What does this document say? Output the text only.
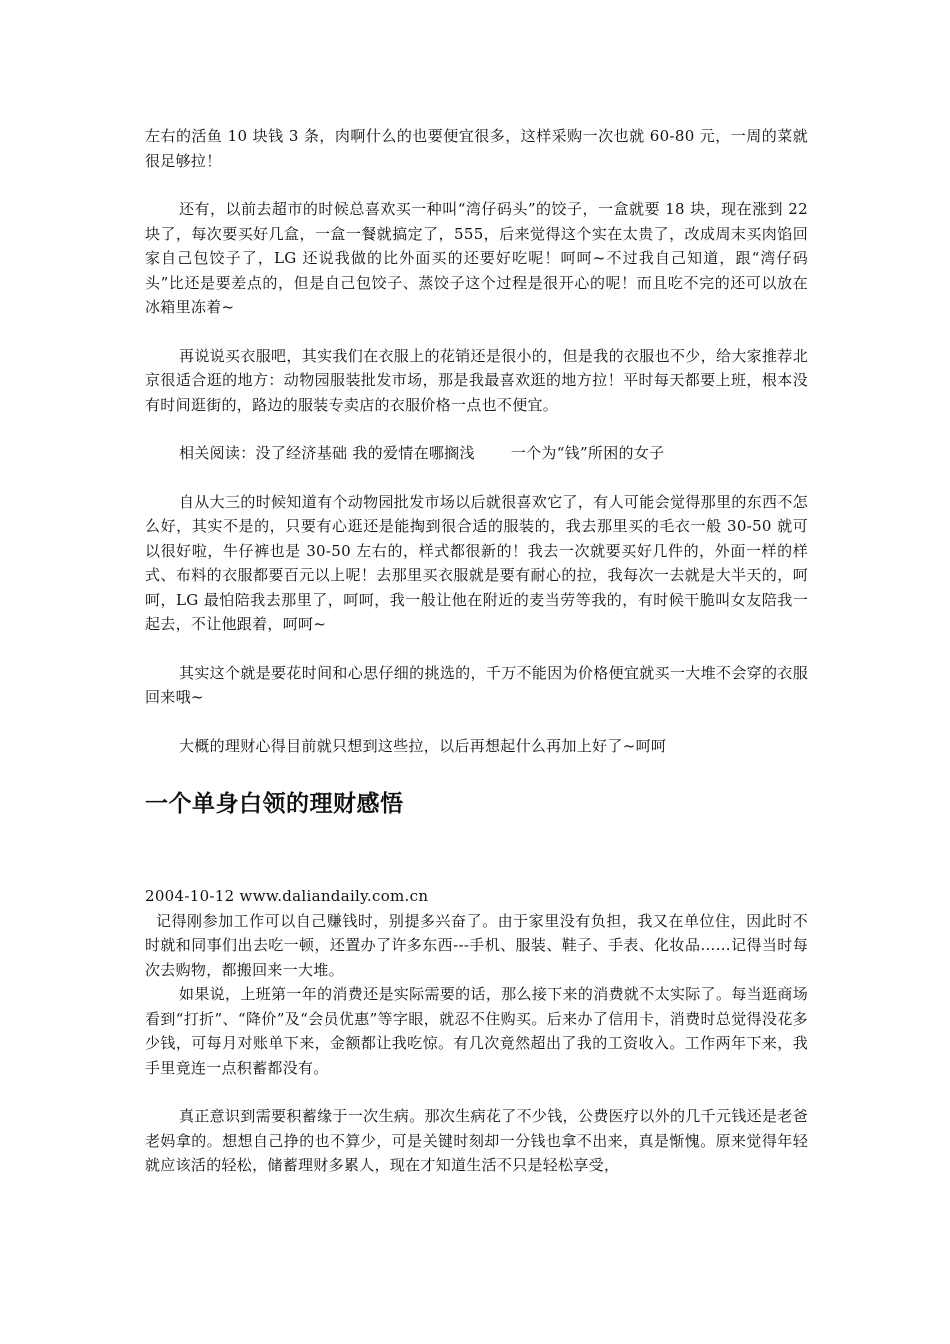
左右的活鱼 10 块钱 3 条，肉啊什么的也要便宜很多，这样采购一次也就 60-80 元，一周的菜就很足够拉！

还有，以前去超市的时候总喜欢买一种叫“湾仔码头”的饺子，一盒就要 18 块，现在涨到 22 块了，每次要买好几盒，一盒一餐就搞定了，555，后来觉得这个实在太贵了，改成周末买肉馅回家自己包饺子了，LG 还说我做的比外面买的还要好吃呢！呵呵~不过我自己知道，跟“湾仔码头”比还是要差点的，但是自己包饺子、蒸饺子这个过程是很开心的呢！而且吃不完的还可以放在冰箱里冻着~

再说说买衣服吧，其实我们在衣服上的花销还是很小的，但是我的衣服也不少，给大家推荐北京很适合逛的地方：动物园服装批发市场，那是我最喜欢逛的地方拉！平时每天都要上班，根本没有时间逛街的，路边的服装专卖店的衣服价格一点也不便宜。

相关阅读：没了经济基础 我的爱情在哪搁浅 一个为“钱”所困的女子

自从大三的时候知道有个动物园批发市场以后就很喜欢它了，有人可能会觉得那里的东西不怎么好，其实不是的，只要有心逛还是能掏到很合适的服装的，我去那里买的毛衣一般 30-50 就可以很好啦，牛仔裤也是 30-50 左右的，样式都很新的！我去一次就要买好几件的，外面一样的样式、布料的衣服都要百元以上呢！去那里买衣服就是要有耐心的拉，我每次一去就是大半天的，呵呵，LG 最怕陪我去那里了，呵呵，我一般让他在附近的麦当劳等我的，有时候干脆叫女友陪我一起去，不让他跟着，呵呵~

其实这个就是要花时间和心思仔细的挑选的，千万不能因为价格便宜就买一大堆不会穿的衣服回来哦~

大概的理财心得目前就只想到这些拉，以后再想起什么再加上好了~呵呵

一个单身白领的理财感悟

2004-10-12 www.daliandaily.com.cn

记得刚参加工作可以自己赚钱时，别提多兴奋了。由于家里没有负担，我又在单位住，因此时不时就和同事们出去吃一顿，还置办了许多东西---手机、服装、鞋子、手表、化妆品……记得当时每次去购物，都搬回来一大堆。

如果说，上班第一年的消费还是实际需要的话，那么接下来的消费就不太实际了。每当逛商场看到“打折”、“降价”及“会员优惠”等字眼，就忍不住购买。后来办了信用卡，消费时总觉得没花多少钱，可每月对账单下来，金额都让我吃惊。有几次竟然超出了我的工资收入。工作两年下来，我手里竟连一点积蓄都没有。

真正意识到需要积蓄缘于一次生病。那次生病花了不少钱，公费医疗以外的几千元钱还是老爸老妈拿的。想想自己挣的也不算少，可是关键时刻却一分钱也拿不出来，真是惭愧。原来觉得年轻就应该活的轻松，储蓄理财多累人，现在才知道生活不只是轻松享受，
